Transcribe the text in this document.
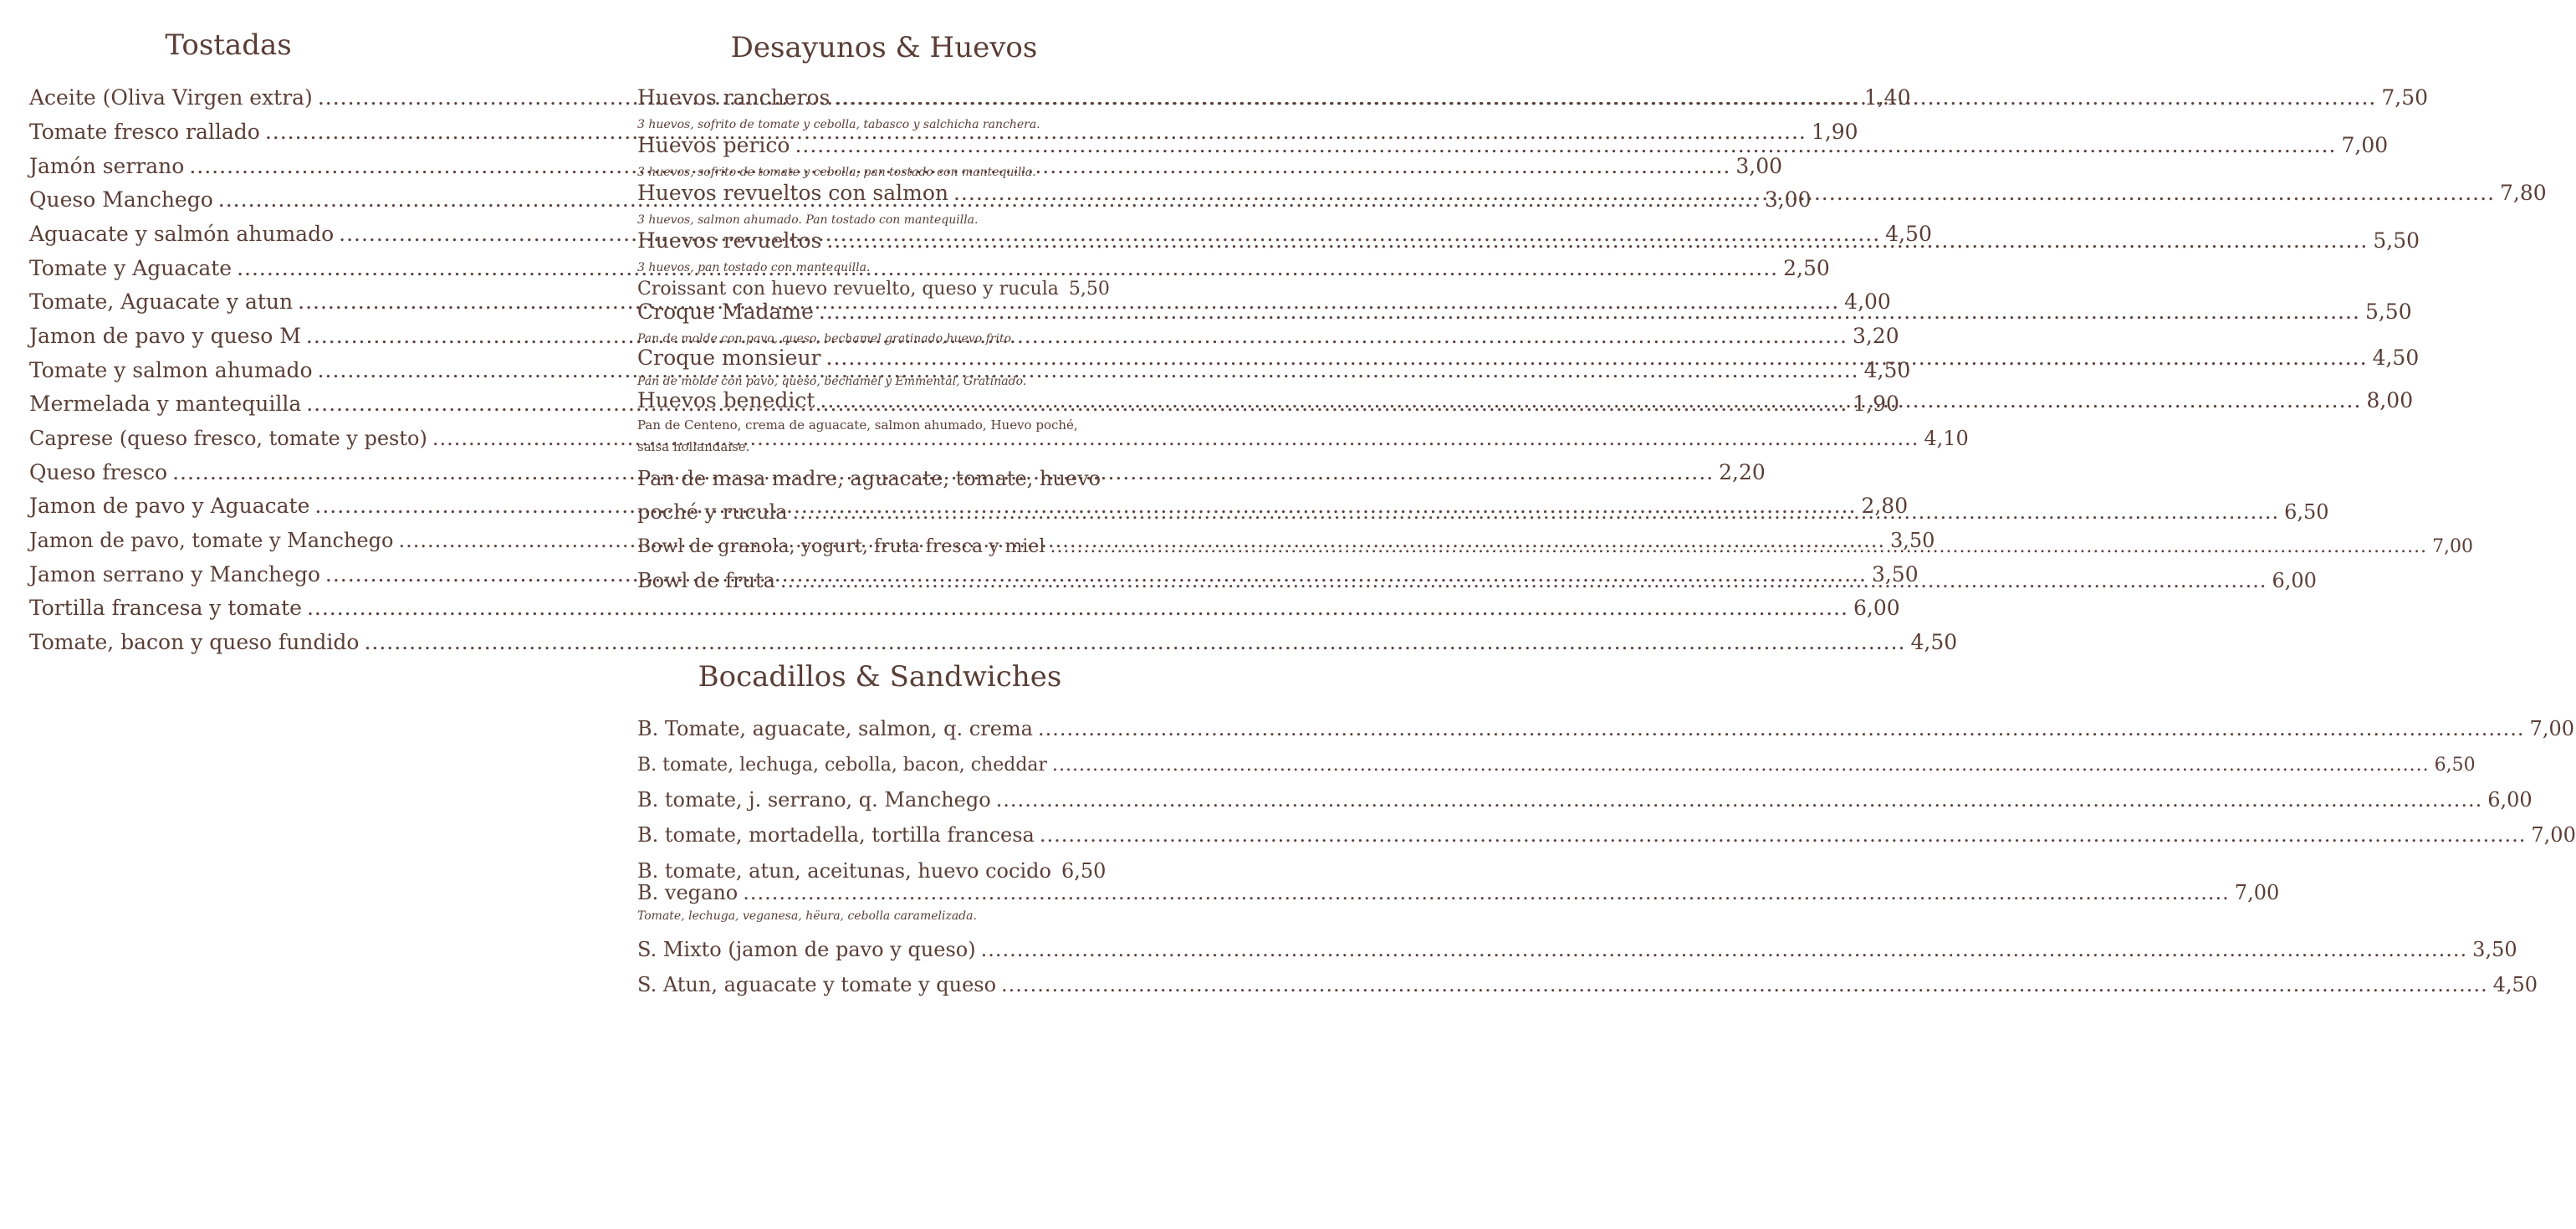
Tostadas
Aceite (Oliva Virgen extra) .....	1,40
Tomate fresco rallado .....	1,90
Jamón serrano .....	3,00
Queso Manchego .....	3,00
Aguacate y salmón ahumado .....	4,50
Tomate y Aguacate .....	2,50
Tomate, Aguacate y atun .....	4,00
Jamon de pavo y queso M .....	3,20
Tomate y salmon ahumado .....	4,50
Mermelada y mantequilla .....	1,90
Caprese (queso fresco, tomate y pesto) .....	4,10
Queso fresco .....	2,20
Jamon de pavo y Aguacate .....	2,80
Jamon de pavo, tomate y Manchego .....	3,50
Jamon serrano y Manchego .....	3,50
Tortilla francesa y tomate .....	6,00
Tomate, bacon y queso fundido .....	4,50
Desayunos & Huevos
Huevos rancheros .....	7,50
3 huevos, sofrito de tomate y cebolla, tabasco y salchicha ranchera.
Huevos perico .....	7,00
3 huevos, sofrito de tomate y cebolla, pan tostado con mantequilla.
Huevos revueltos con salmon .....	7,80
3 huevos, salmon ahumado. Pan tostado con mantequilla.
Huevos revueltos .....	5,50
3 huevos, pan tostado con mantequilla.
Croissant con huevo revuelto, queso y rucula 5,50
Croque Madame .....	5,50
Pan de molde con pavo, queso, bechamel gratinado,huevo frito.
Croque monsieur .....	4,50
Pan de molde con pavo, queso, bechamel y Emmental, Gratinado.
Huevos benedict .....	8,00
Pan de Centeno, crema de aguacate, salmon ahumado, Huevo poché, salsa hollandaise.
Pan de masa madre, aguacate, tomate, huevo
poché y rucula .....	6,50
Bowl de granola, yogurt, fruta fresca y miel .....	7,00
Bowl de fruta .....	6,00
Bocadillos & Sandwiches
B. Tomate, aguacate, salmon, q. crema .....	7,00
B. tomate, lechuga, cebolla, bacon, cheddar .....	6,50
B. tomate, j. serrano, q. Manchego .....	6,00
B. tomate, mortadella, tortilla francesa .....	7,00
B. tomate, atun, aceitunas, huevo cocido 6,50
B. vegano .....	7,00
Tomate, lechuga, veganesa, hëura, cebolla caramelizada.
S. Mixto (jamon de pavo y queso) .....	3,50
S. Atun, aguacate y tomate y queso .....	4,50
